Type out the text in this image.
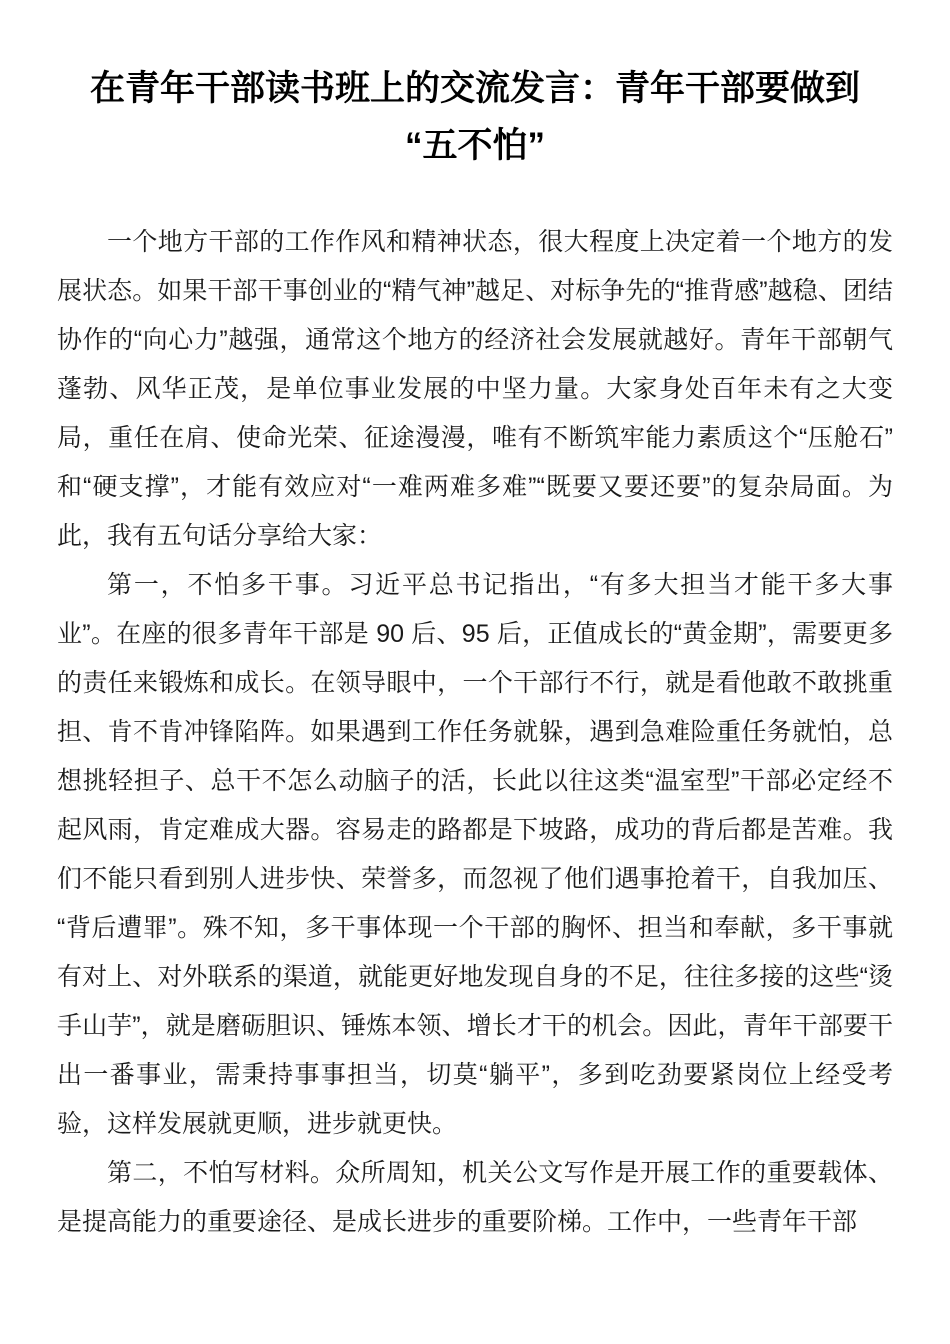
在青年干部读书班上的交流发言：青年干部要做到
“五不怕”

一个地方干部的工作作风和精神状态，很大程度上决定着一个地方的发展状态。如果干部干事创业的“精气神”越足、对标争先的“推背感”越稳、团结协作的“向心力”越强，通常这个地方的经济社会发展就越好。青年干部朝气蓬勃、风华正茂，是单位事业发展的中坚力量。大家身处百年未有之大变局，重任在肩、使命光荣、征途漫漫，唯有不断筑牢能力素质这个“压舱石”和“硬支撑”，才能有效应对“一难两难多难”“既要又要还要”的复杂局面。为此，我有五句话分享给大家：

第一，不怕多干事。习近平总书记指出，“有多大担当才能干多大事业”。在座的很多青年干部是 90 后、95 后，正值成长的“黄金期”，需要更多的责任来锻炼和成长。在领导眼中，一个干部行不行，就是看他敢不敢挑重担、肯不肯冲锋陷阵。如果遇到工作任务就躲，遇到急难险重任务就怕，总想挑轻担子、总干不怎么动脑子的活，长此以往这类“温室型”干部必定经不起风雨，肯定难成大器。容易走的路都是下坡路，成功的背后都是苦难。我们不能只看到别人进步快、荣誉多，而忽视了他们遇事抢着干，自我加压、“背后遭罪”。殊不知，多干事体现一个干部的胸怀、担当和奉献，多干事就有对上、对外联系的渠道，就能更好地发现自身的不足，往往多接的这些“烫手山芋”，就是磨砺胆识、锤炼本领、增长才干的机会。因此，青年干部要干出一番事业，需秉持事事担当，切莫“躺平”，多到吃劲要紧岗位上经受考验，这样发展就更顺，进步就更快。

第二，不怕写材料。众所周知，机关公文写作是开展工作的重要载体、是提高能力的重要途径、是成长进步的重要阶梯。工作中，一些青年干部
